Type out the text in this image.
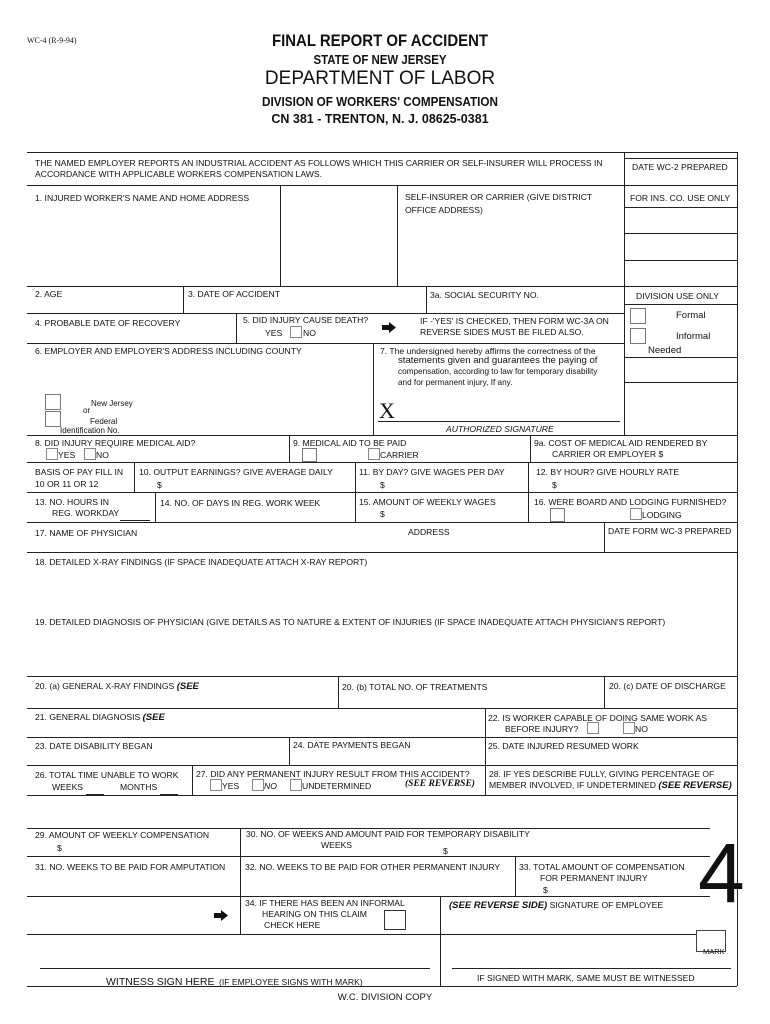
WC-4 (R-9-94)	FINAL REPORT OF ACCIDENT
STATE OF NEW JERSEY
DEPARTMENT OF LABOR
DIVISION OF WORKERS' COMPENSATION
CN 381 - TRENTON, N. J. 08625-0381
THE NAMED EMPLOYER REPORTS AN INDUSTRIAL ACCIDENT AS FOLLOWS WHICH THIS CARRIER OR SELF-INSURER WILL PROCESS IN
ACCORDANCE WITH APPLICABLE WORKERS COMPENSATION LAWS.
DATE WC-2 PREPARED
FOR INS. CO. USE ONLY
DIVISION USE ONLY
Formal
Informal
Needed
1. INJURED WORKER'S NAME AND HOME ADDRESS	SELF-INSURER OR CARRIER (GIVE DISTRICT
OFFICE ADDRESS)
2. AGE	3. DATE OF ACCIDENT	3a. SOCIAL SECURITY NO.
4. PROBABLE DATE OF RECOVERY	5. DID INJURY CAUSE DEATH?
YES NO
IF -'YES' IS CHECKED, THEN FORM WC-3A ON
REVERSE SIDES MUST BE FILED ALSO.
6. EMPLOYER AND EMPLOYER'S ADDRESS INCLUDING COUNTY	7. The undersigned hereby affirms the correctness of the
statements given and guarantees the paying of
compensation, according to law for temporary disability
and for permanent injury, If any.
New Jersey
or
Federal
Identification No.
X
AUTHORIZED SIGNATURE
8. DID INJURY REQUIRE MEDICAL AID?
YES NO
9. MEDICAL AID TO BE PAID
CARRIER
9a. COST OF MEDICAL AID RENDERED BY
CARRIER OR EMPLOYER $
BASIS OF PAY FILL IN
10 OR 11 OR 12
10. OUTPUT EARNINGS? GIVE AVERAGE DAILY
$
11. BY DAY? GIVE WAGES PER DAY
$
12. BY HOUR? GIVE HOURLY RATE
$
13. NO. HOURS IN
REG. WORKDAY
14. NO. OF DAYS IN REG. WORK WEEK	15. AMOUNT OF WEEKLY WAGES
$
16. WERE BOARD AND LODGING FURNISHED?
LODGING
17. NAME OF PHYSICIAN	ADDRESS	DATE FORM WC-3 PREPARED
18. DETAILED X-RAY FINDINGS (IF SPACE INADEQUATE ATTACH X-RAY REPORT)
19. DETAILED DIAGNOSIS OF PHYSICIAN (GIVE DETAILS AS TO NATURE & EXTENT OF INJURIES (IF SPACE INADEQUATE ATTACH PHYSICIAN'S REPORT)
20. (a) GENERAL X-RAY FINDINGS (SEE	20. (b) TOTAL NO. OF TREATMENTS	20. (c) DATE OF DISCHARGE
21. GENERAL DIAGNOSIS (SEE	22. IS WORKER CAPABLE OF DOING SAME WORK AS
BEFORE INJURY?	NO
23. DATE DISABILITY BEGAN	24. DATE PAYMENTS BEGAN	25. DATE INJURED RESUMED WORK
26. TOTAL TIME UNABLE TO WORK
WEEKS	MONTHS
27. DID ANY PERMANENT INJURY RESULT FROM THIS ACCIDENT?
YES	NO	UNDETERMINED	(SEE REVERSE)
28. IF YES DESCRIBE FULLY, GIVING PERCENTAGE OF
MEMBER INVOLVED, IF UNDETERMINED (SEE REVERSE)
29. AMOUNT OF WEEKLY COMPENSATION
$
30. NO. OF WEEKS AND AMOUNT PAID FOR TEMPORARY DISABILITY
WEEKS
$
31. NO. WEEKS TO BE PAID FOR AMPUTATION 32. NO. WEEKS TO BE PAID FOR OTHER PERMANENT INJURY 33. TOTAL AMOUNT OF COMPENSATION
FOR PERMANENT INJURY
$ 4
34. IF THERE HAS BEEN AN INFORMAL
HEARING ON THIS CLAIM
CHECK HERE
(SEE REVERSE SIDE) SIGNATURE OF EMPLOYEE
MARK
WITNESS SIGN HERE (IF EMPLOYEE SIGNS WITH MARK)	IF SIGNED WITH MARK, SAME MUST BE WITNESSED
W.C. DIVISION COPY
